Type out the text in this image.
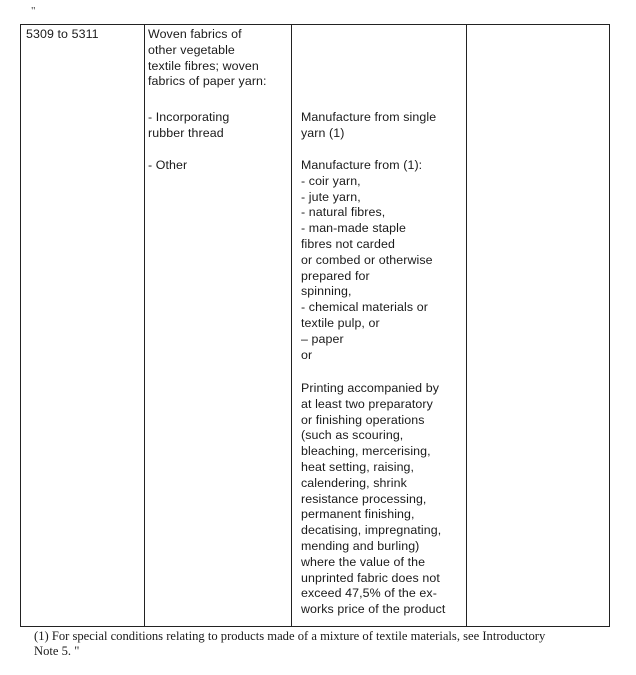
"
5309 to 5311	Woven fabrics of
other vegetable
textile fibres; woven
fabrics of paper yarn:
- Incorporating
rubber thread
Manufacture from single
yarn (1)
- Other	Manufacture from (1):
- coir yarn,
- jute yarn,
- natural fibres,
- man-made staple
fibres not carded
or combed or otherwise
prepared for
spinning,
- chemical materials or
textile pulp, or
– paper
or
Printing accompanied by
at least two preparatory
or finishing operations
(such as scouring,
bleaching, mercerising,
heat setting, raising,
calendering, shrink
resistance processing,
permanent finishing,
decatising, impregnating,
mending and burling)
where the value of the
unprinted fabric does not
exceed 47,5% of the ex-
works price of the product
(1) For special conditions relating to products made of a mixture of textile materials, see Introductory
Note 5. "
